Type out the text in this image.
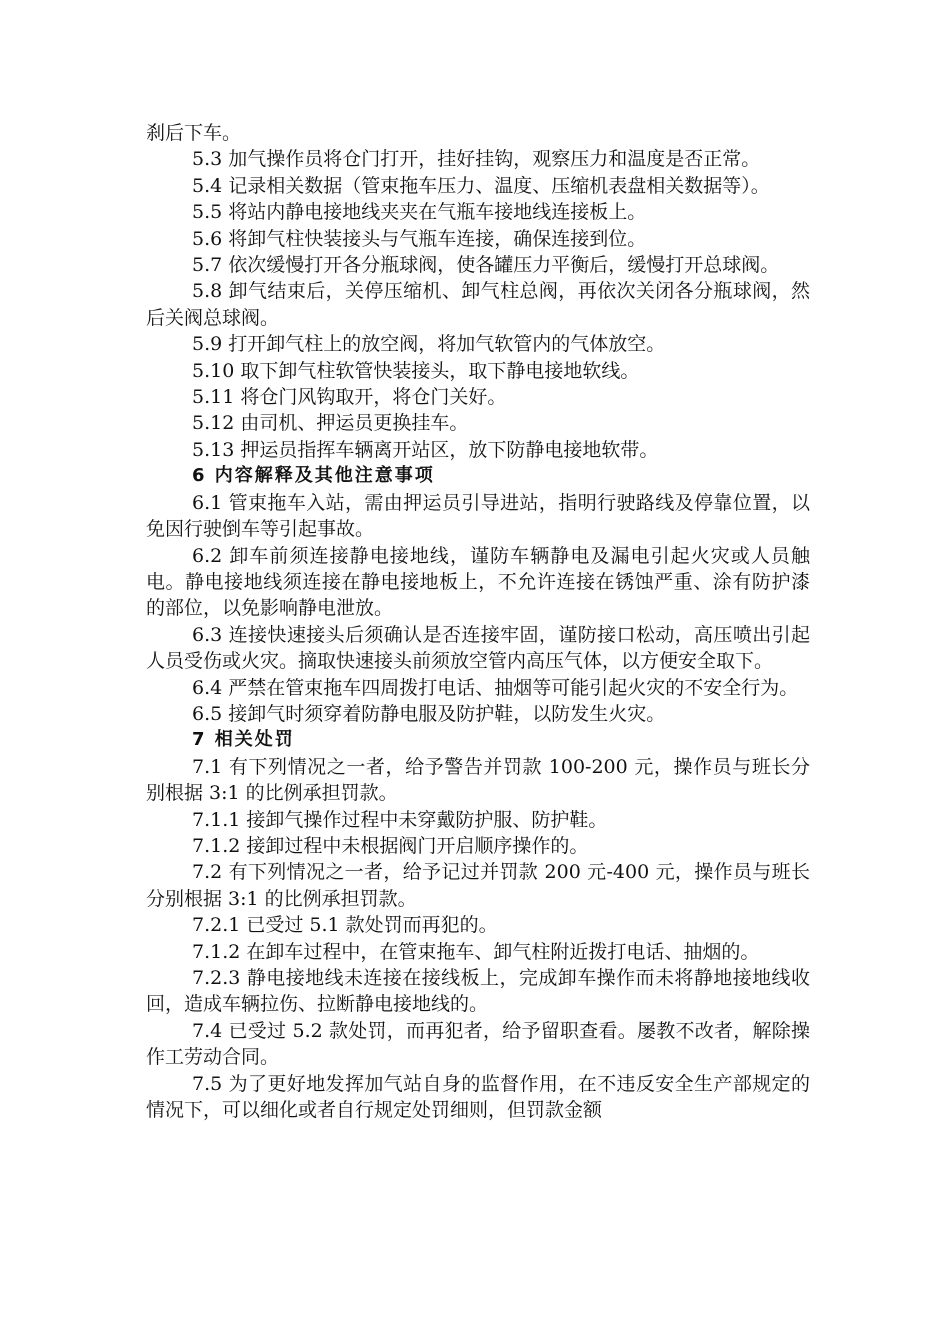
刹后下车。

5.3 加气操作员将仓门打开，挂好挂钩，观察压力和温度是否正常。

5.4 记录相关数据（管束拖车压力、温度、压缩机表盘相关数据等）。

5.5 将站内静电接地线夹夹在气瓶车接地线连接板上。

5.6 将卸气柱快装接头与气瓶车连接，确保连接到位。

5.7 依次缓慢打开各分瓶球阀，使各罐压力平衡后，缓慢打开总球阀。

5.8 卸气结束后，关停压缩机、卸气柱总阀，再依次关闭各分瓶球阀，然后关阀总球阀。

5.9 打开卸气柱上的放空阀，将加气软管内的气体放空。

5.10 取下卸气柱软管快装接头，取下静电接地软线。

5.11 将仓门风钩取开，将仓门关好。

5.12 由司机、押运员更换挂车。

5.13 押运员指挥车辆离开站区，放下防静电接地软带。

6 内容解释及其他注意事项

6.1 管束拖车入站，需由押运员引导进站，指明行驶路线及停靠位置，以免因行驶倒车等引起事故。

6.2 卸车前须连接静电接地线，谨防车辆静电及漏电引起火灾或人员触电。静电接地线须连接在静电接地板上，不允许连接在锈蚀严重、涂有防护漆的部位，以免影响静电泄放。

6.3 连接快速接头后须确认是否连接牢固，谨防接口松动，高压喷出引起人员受伤或火灾。摘取快速接头前须放空管内高压气体，以方便安全取下。

6.4 严禁在管束拖车四周拨打电话、抽烟等可能引起火灾的不安全行为。

6.5 接卸气时须穿着防静电服及防护鞋，以防发生火灾。

7 相关处罚

7.1 有下列情况之一者，给予警告并罚款 100-200 元，操作员与班长分别根据 3:1 的比例承担罚款。

7.1.1 接卸气操作过程中未穿戴防护服、防护鞋。

7.1.2 接卸过程中未根据阀门开启顺序操作的。

7.2 有下列情况之一者，给予记过并罚款 200 元-400 元，操作员与班长分别根据 3:1 的比例承担罚款。

7.2.1 已受过 5.1 款处罚而再犯的。

7.1.2 在卸车过程中，在管束拖车、卸气柱附近拨打电话、抽烟的。

7.2.3 静电接地线未连接在接线板上，完成卸车操作而未将静地接地线收回，造成车辆拉伤、拉断静电接地线的。

7.4 已受过 5.2 款处罚，而再犯者，给予留职查看。屡教不改者，解除操作工劳动合同。

7.5 为了更好地发挥加气站自身的监督作用，在不违反安全生产部规定的情况下，可以细化或者自行规定处罚细则，但罚款金额
